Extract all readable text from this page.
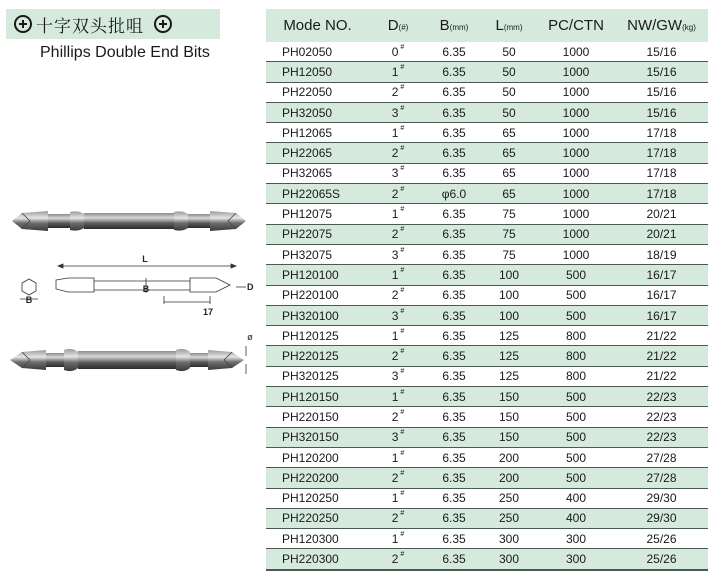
十字双头批咀
Phillips Double End Bits
L
B
B	D
17
ø
Mode NO.	D(#)	B(mm)	L(mm)	PC/CTN	NW/GW(kg)
PH02050	0 #	6.35	50	1000	15/16
PH12050	1 #	6.35	50	1000	15/16
PH22050	2 #	6.35	50	1000	15/16
PH32050	3 #	6.35	50	1000	15/16
PH12065	1 #	6.35	65	1000	17/18
PH22065	2 #	6.35	65	1000	17/18
PH32065	3 #	6.35	65	1000	17/18
PH22065S	2 #	φ6.0	65	1000	17/18
PH12075	1 #	6.35	75	1000	20/21
PH22075	2 #	6.35	75	1000	20/21
PH32075	3 #	6.35	75	1000	18/19
PH120100	1 #	6.35	100	500	16/17
PH220100	2 #	6.35	100	500	16/17
PH320100	3 #	6.35	100	500	16/17
PH120125	1 #	6.35	125	800	21/22
PH220125	2 #	6.35	125	800	21/22
PH320125	3 #	6.35	125	800	21/22
PH120150	1 #	6.35	150	500	22/23
PH220150	2 #	6.35	150	500	22/23
PH320150	3 #	6.35	150	500	22/23
PH120200	1 #	6.35	200	500	27/28
PH220200	2 #	6.35	200	500	27/28
PH120250	1 #	6.35	250	400	29/30
PH220250	2 #	6.35	250	400	29/30
PH120300	1 #	6.35	300	300	25/26
PH220300	2 #	6.35	300	300	25/26
